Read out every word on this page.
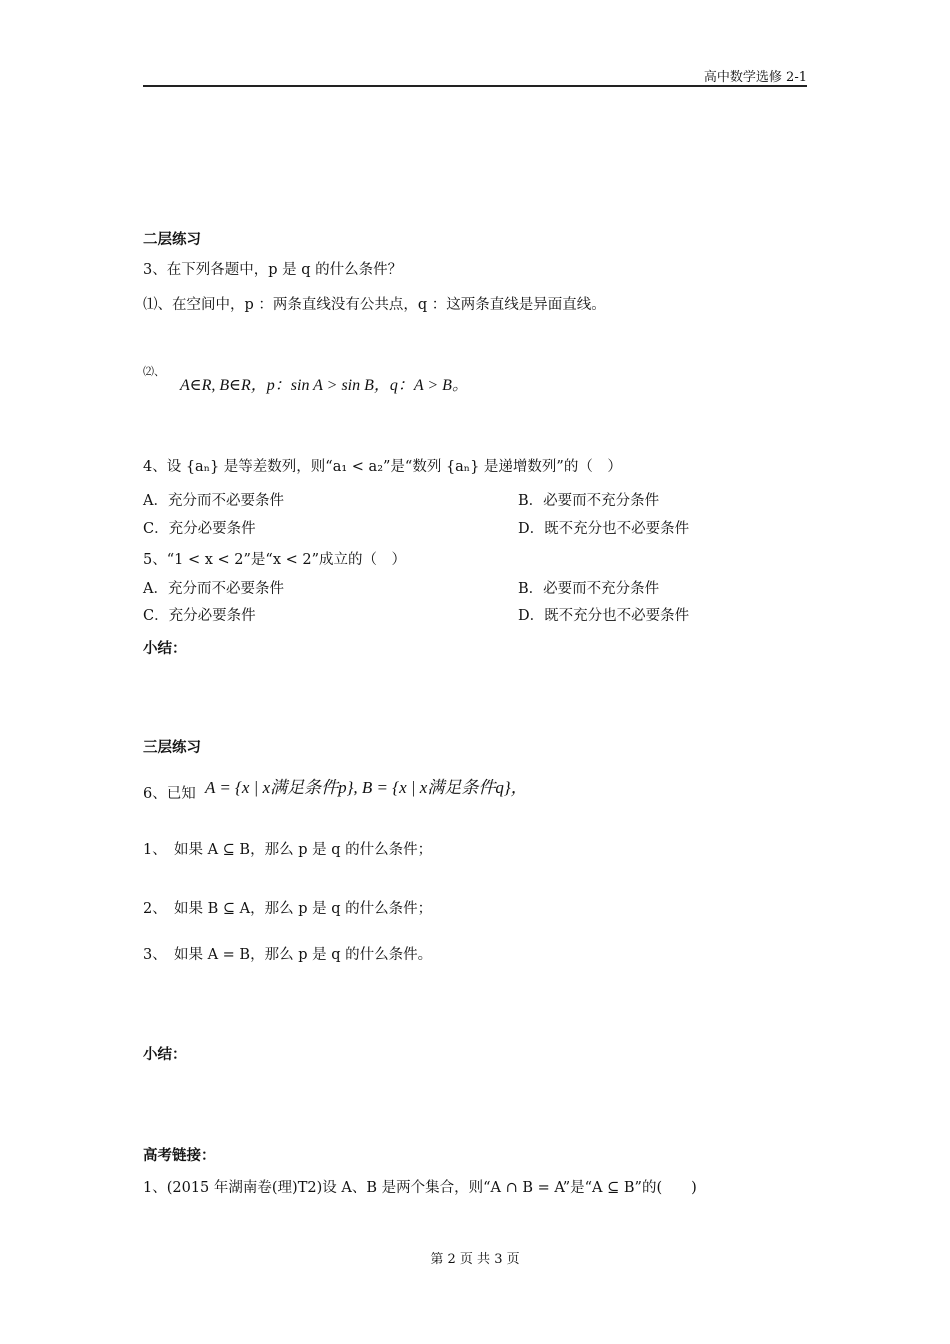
高中数学选修 2-1
二层练习
3、在下列各题中，p 是 q 的什么条件？
⑴、在空间中，p ：两条直线没有公共点，q ：这两条直线是异面直线。
⑵、
A∈R, B∈R，p：sin A > sin B，q：A > B。
4、设 {aₙ} 是等差数列，则“a₁ < a₂”是“数列 {aₙ} 是递增数列”的（　）
A．充分而不必要条件	B．必要而不充分条件
C．充分必要条件	D．既不充分也不必要条件
5、“1 < x < 2”是“x < 2”成立的（　）
A．充分而不必要条件	B．必要而不充分条件
C．充分必要条件	D．既不充分也不必要条件
小结：
三层练习
6、已知 A = {x | x满足条件p}, B = {x | x满足条件q}，
1、　如果 A ⊆ B，那么 p 是 q 的什么条件；
2、　如果 B ⊆ A，那么 p 是 q 的什么条件；
3、　如果 A = B，那么 p 是 q 的什么条件。
小结：
高考链接：
1、(2015 年湖南卷(理)T2)设 A、B 是两个集合，则“A ∩ B = A”是“A ⊆ B”的(　　)
第 2 页 共 3 页
